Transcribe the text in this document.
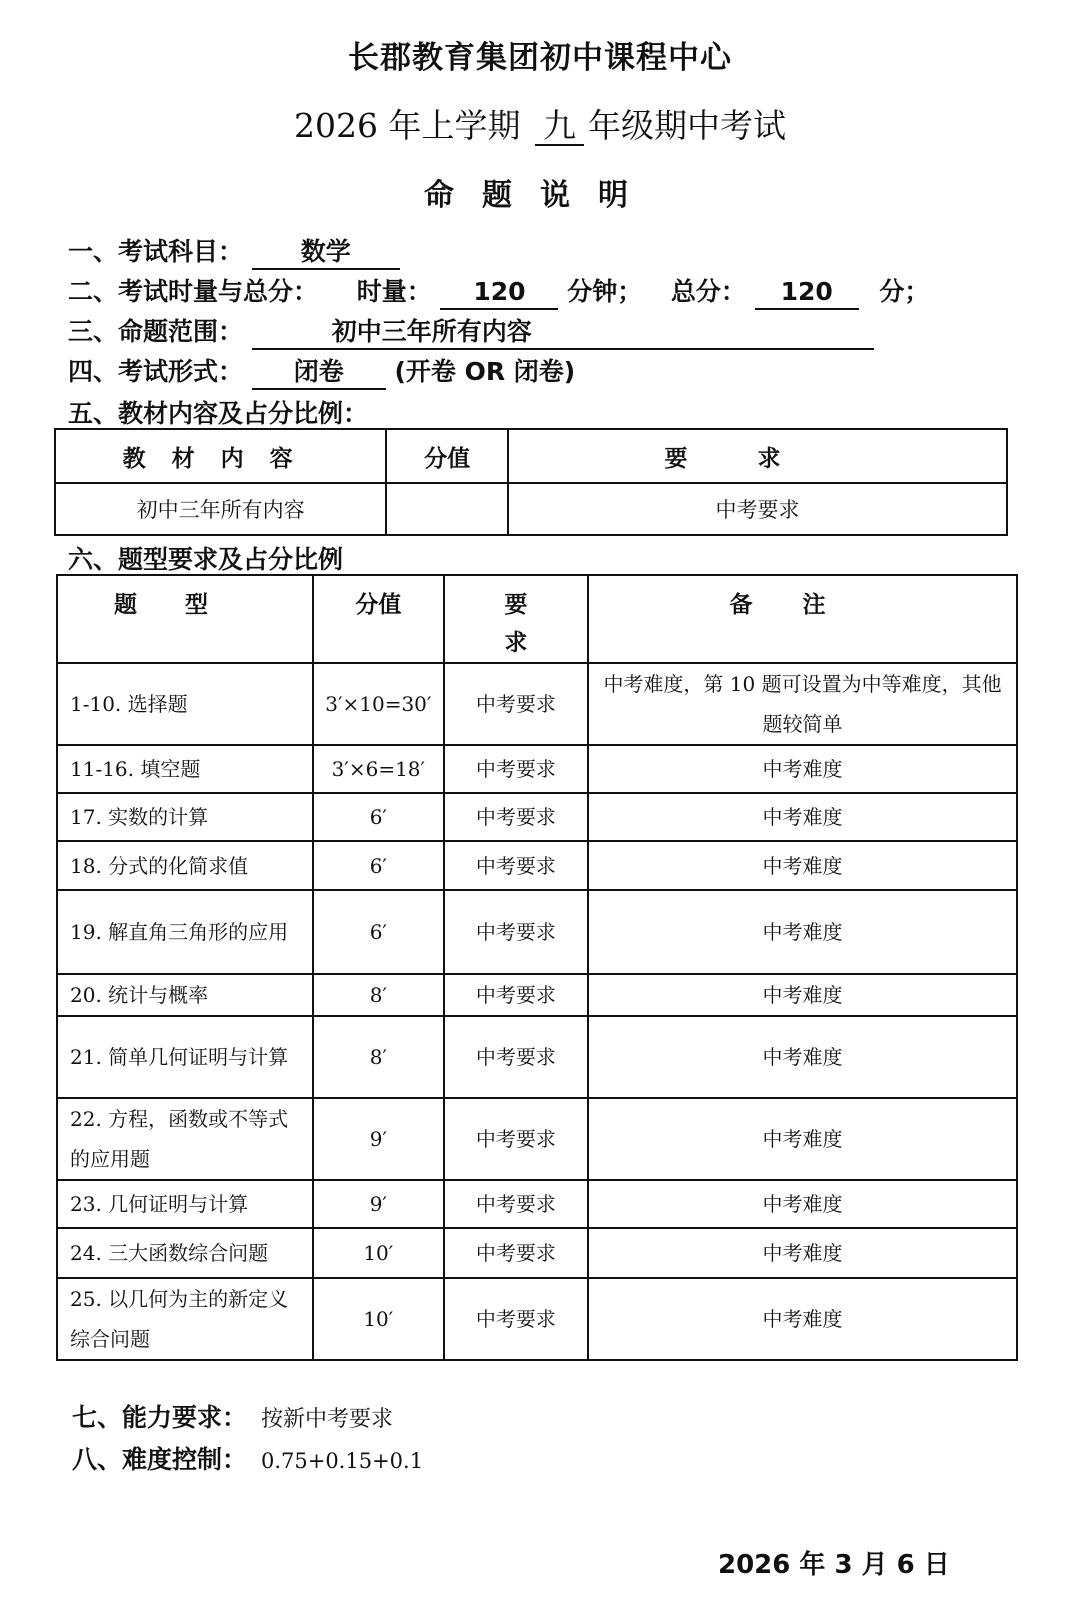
长郡教育集团初中课程中心
2026 年上学期 九 年级期中考试
命题说明
一、考试科目： 数学
二、考试时量与总分： 时量： 120 分钟； 总分： 120 分；
三、命题范围：	初中三年所有内容
四、考试形式： 闭卷 (开卷 OR 闭卷)
五、教材内容及占分比例：
教材内容	分值	要求
初中三年所有内容		中考要求
六、题型要求及占分比例
题型	分值	要求	备注
1-10. 选择题	3′×10=30′	中考要求	中考难度，第 10 题可设置为中等难度，其他题较简单
11-16. 填空题	3′×6=18′	中考要求	中考难度
17. 实数的计算	6′	中考要求	中考难度
18. 分式的化简求值	6′	中考要求	中考难度
19. 解直角三角形的应用	6′	中考要求	中考难度
20. 统计与概率	8′	中考要求	中考难度
21. 简单几何证明与计算	8′	中考要求	中考难度
22. 方程，函数或不等式的应用题	9′	中考要求	中考难度
23. 几何证明与计算	9′	中考要求	中考难度
24. 三大函数综合问题	10′	中考要求	中考难度
25. 以几何为主的新定义综合问题	10′	中考要求	中考难度
七、能力要求： 按新中考要求
八、难度控制： 0.75+0.15+0.1
2026 年 3 月 6 日
